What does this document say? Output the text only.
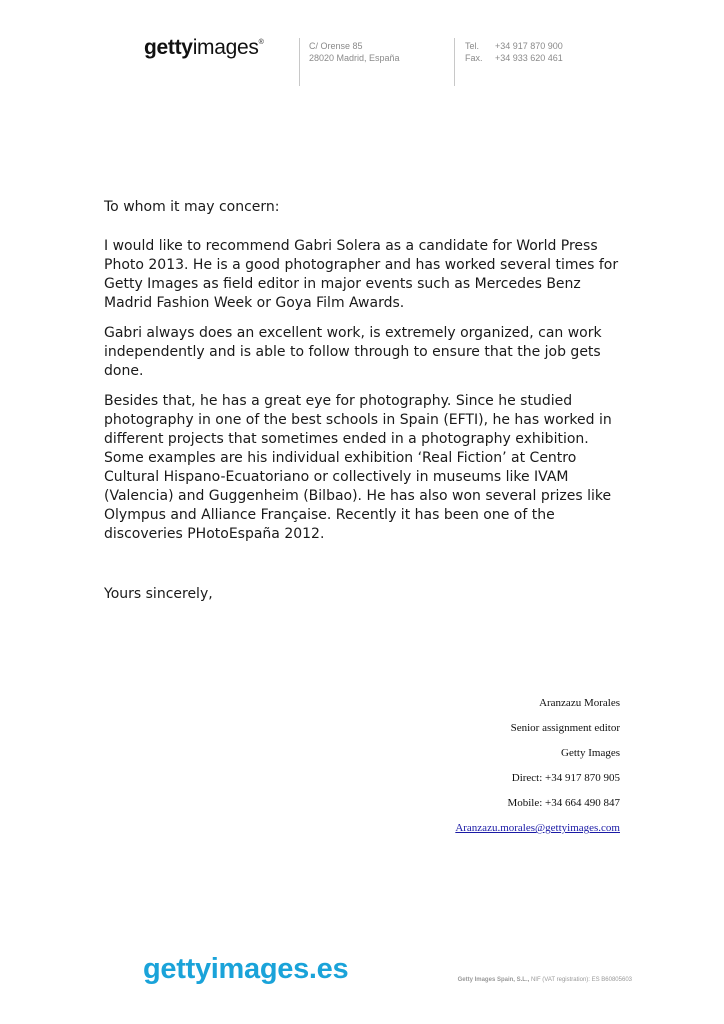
gettyimages®	C/ Orense 85
28020 Madrid, España
Tel. +34 917 870 900
Fax. +34 933 620 461

To whom it may concern:

I would like to recommend Gabri Solera as a candidate for World Press Photo 2013. He is a good photographer and has worked several times for Getty Images as field editor in major events such as Mercedes Benz Madrid Fashion Week or Goya Film Awards.

Gabri always does an excellent work, is extremely organized, can work independently and is able to follow through to ensure that the job gets done.

Besides that, he has a great eye for photography. Since he studied photography in one of the best schools in Spain (EFTI), he has worked in different projects that sometimes ended in a photography exhibition. Some examples are his individual exhibition ‘Real Fiction’ at Centro Cultural Hispano-Ecuatoriano or collectively in museums like IVAM (Valencia) and Guggenheim (Bilbao). He has also won several prizes like Olympus and Alliance Française. Recently it has been one of the discoveries PHotoEspaña 2012.

Yours sincerely,

Aranzazu Morales
Senior assignment editor
Getty Images
Direct: +34 917 870 905
Mobile: +34 664 490 847
Aranzazu.morales@gettyimages.com
gettyimages.es	Getty Images Spain, S.L., NIF (VAT registration): ES B60805603
